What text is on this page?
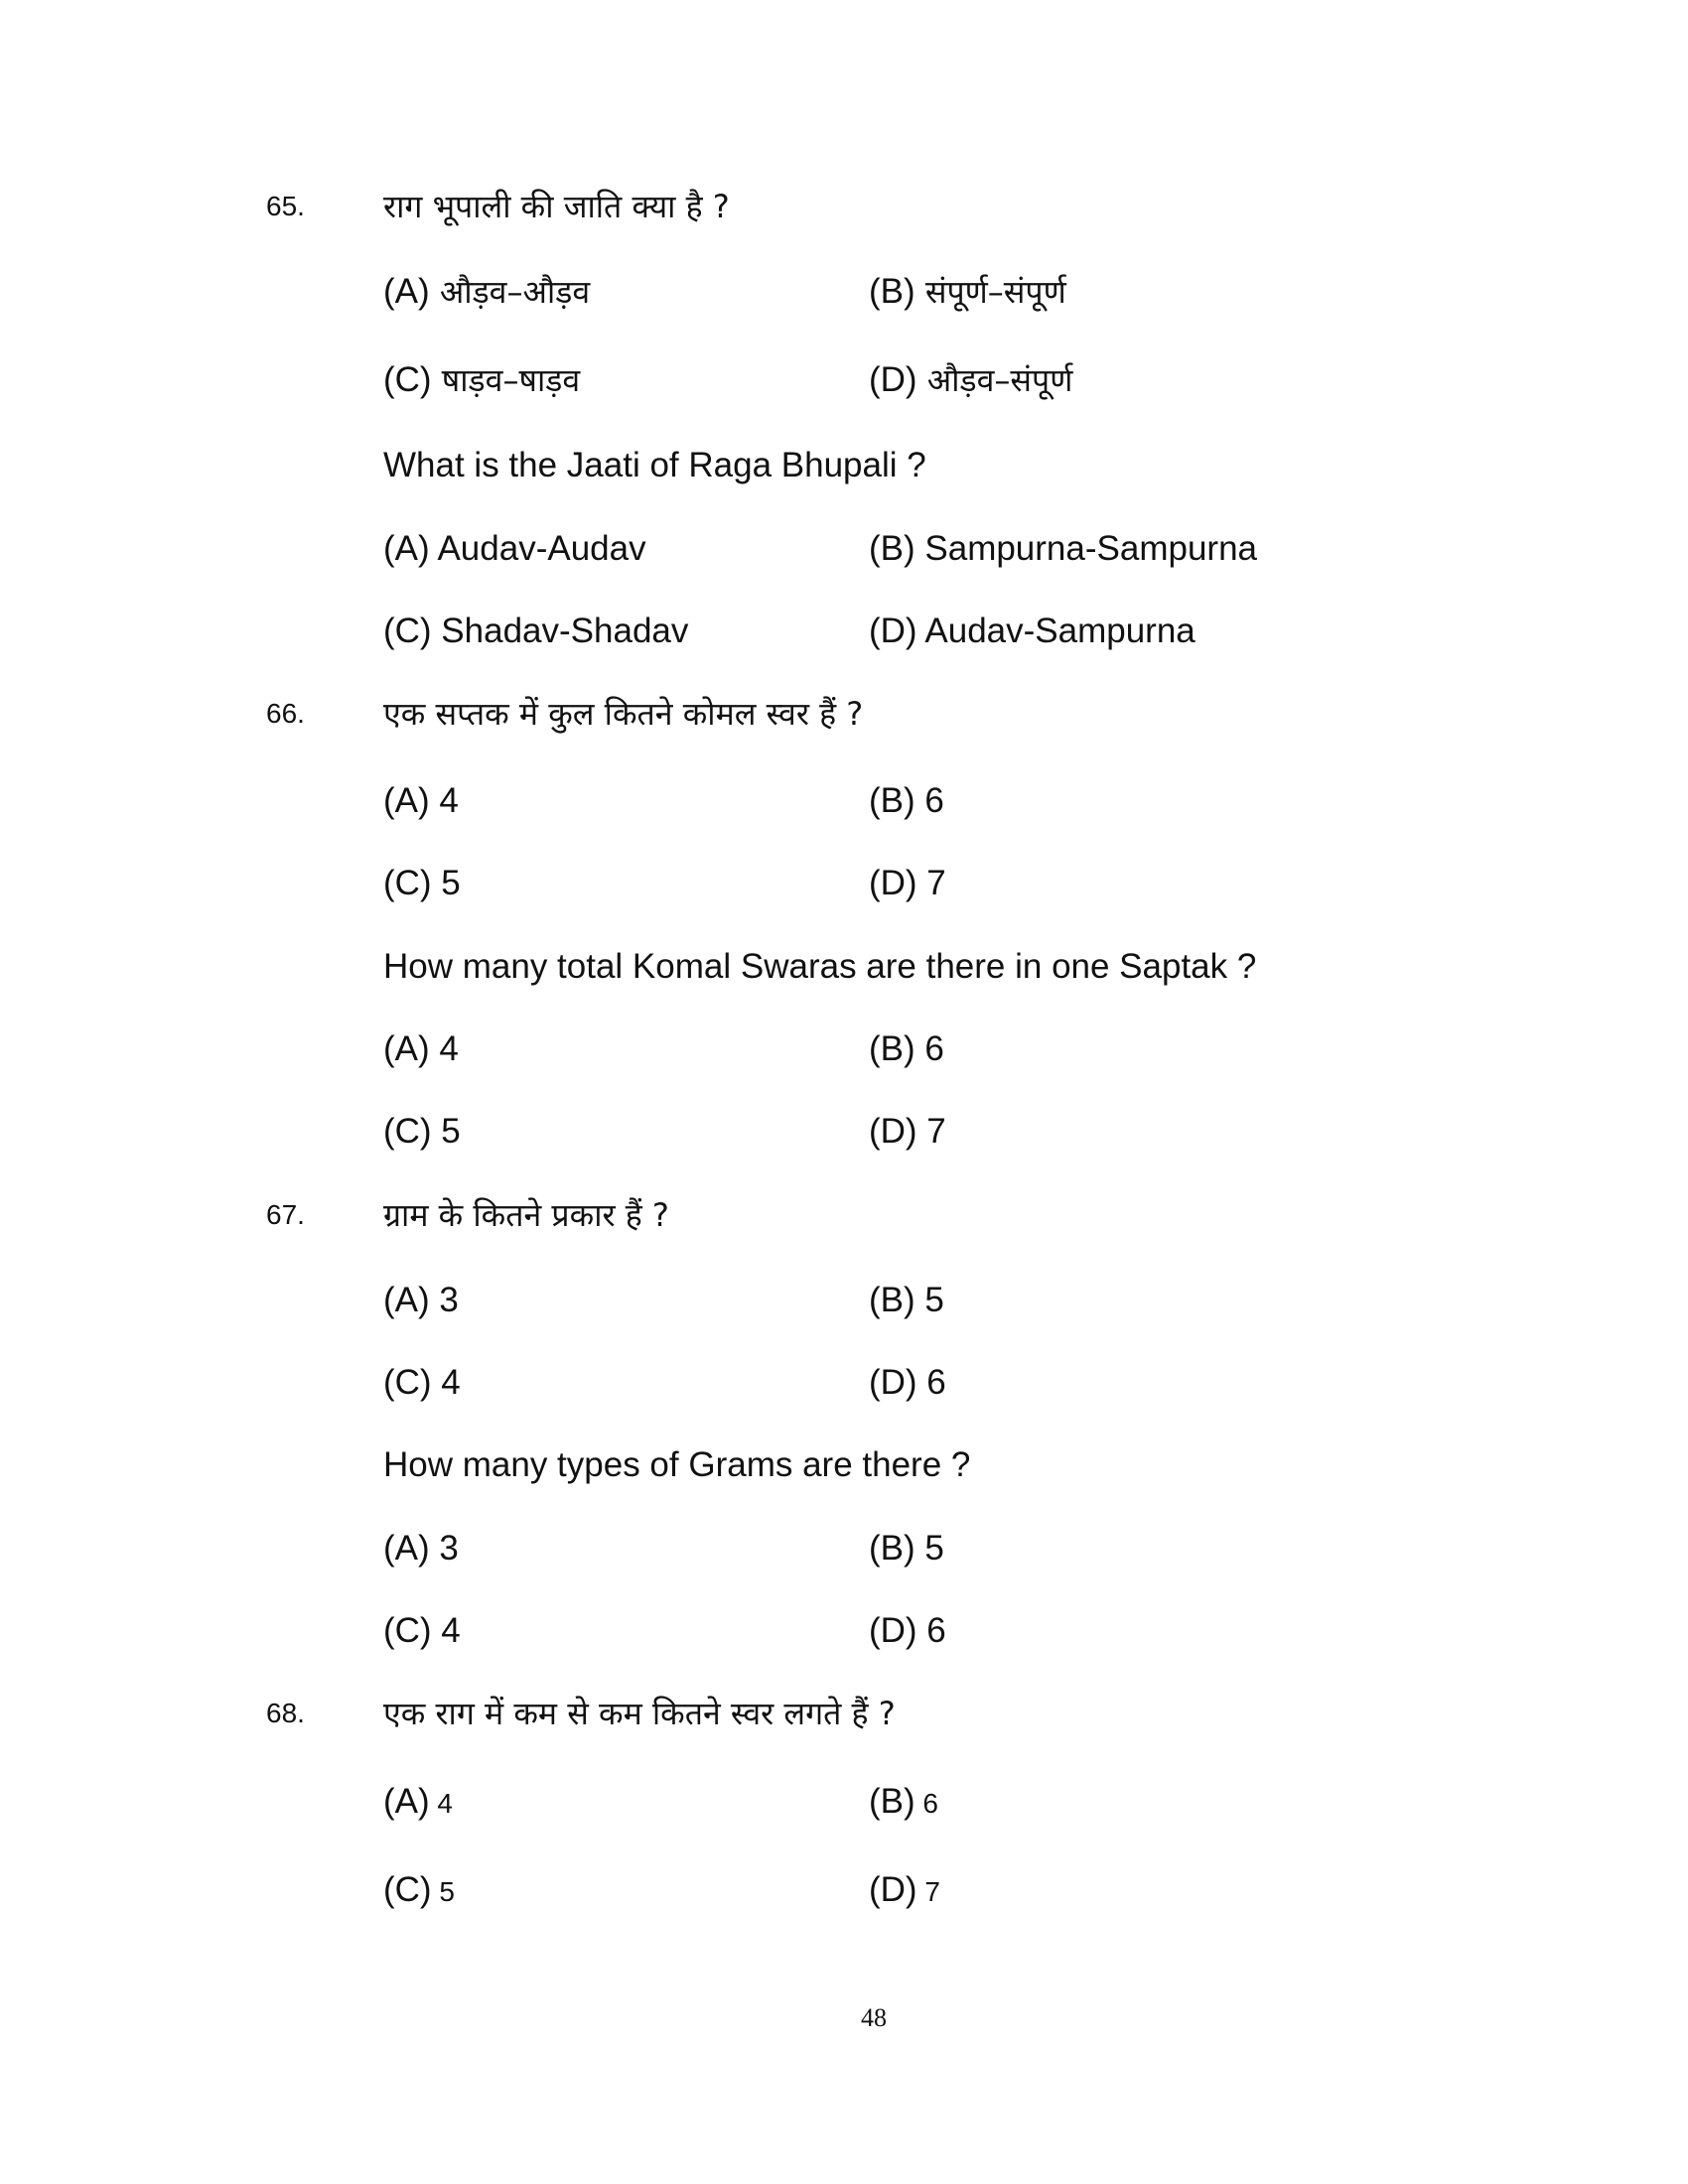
65. राग भूपाली की जाति क्या है ?
(A) औड़व–औड़व	(B) संपूर्ण–संपूर्ण
(C) षाड़व–षाड़व	(D) औड़व–संपूर्ण
What is the Jaati of Raga Bhupali ?
(A) Audav-Audav	(B) Sampurna-Sampurna
(C) Shadav-Shadav	(D) Audav-Sampurna
66. एक सप्तक में कुल कितने कोमल स्वर हैं ?
(A) 4	(B) 6
(C) 5	(D) 7
How many total Komal Swaras are there in one Saptak ?
(A) 4	(B) 6
(C) 5	(D) 7
67. ग्राम के कितने प्रकार हैं ?
(A) 3	(B) 5
(C) 4	(D) 6
How many types of Grams are there ?
(A) 3	(B) 5
(C) 4	(D) 6
68. एक राग में कम से कम कितने स्वर लगते हैं ?
(A) 4	(B) 6
(C) 5	(D) 7
48
